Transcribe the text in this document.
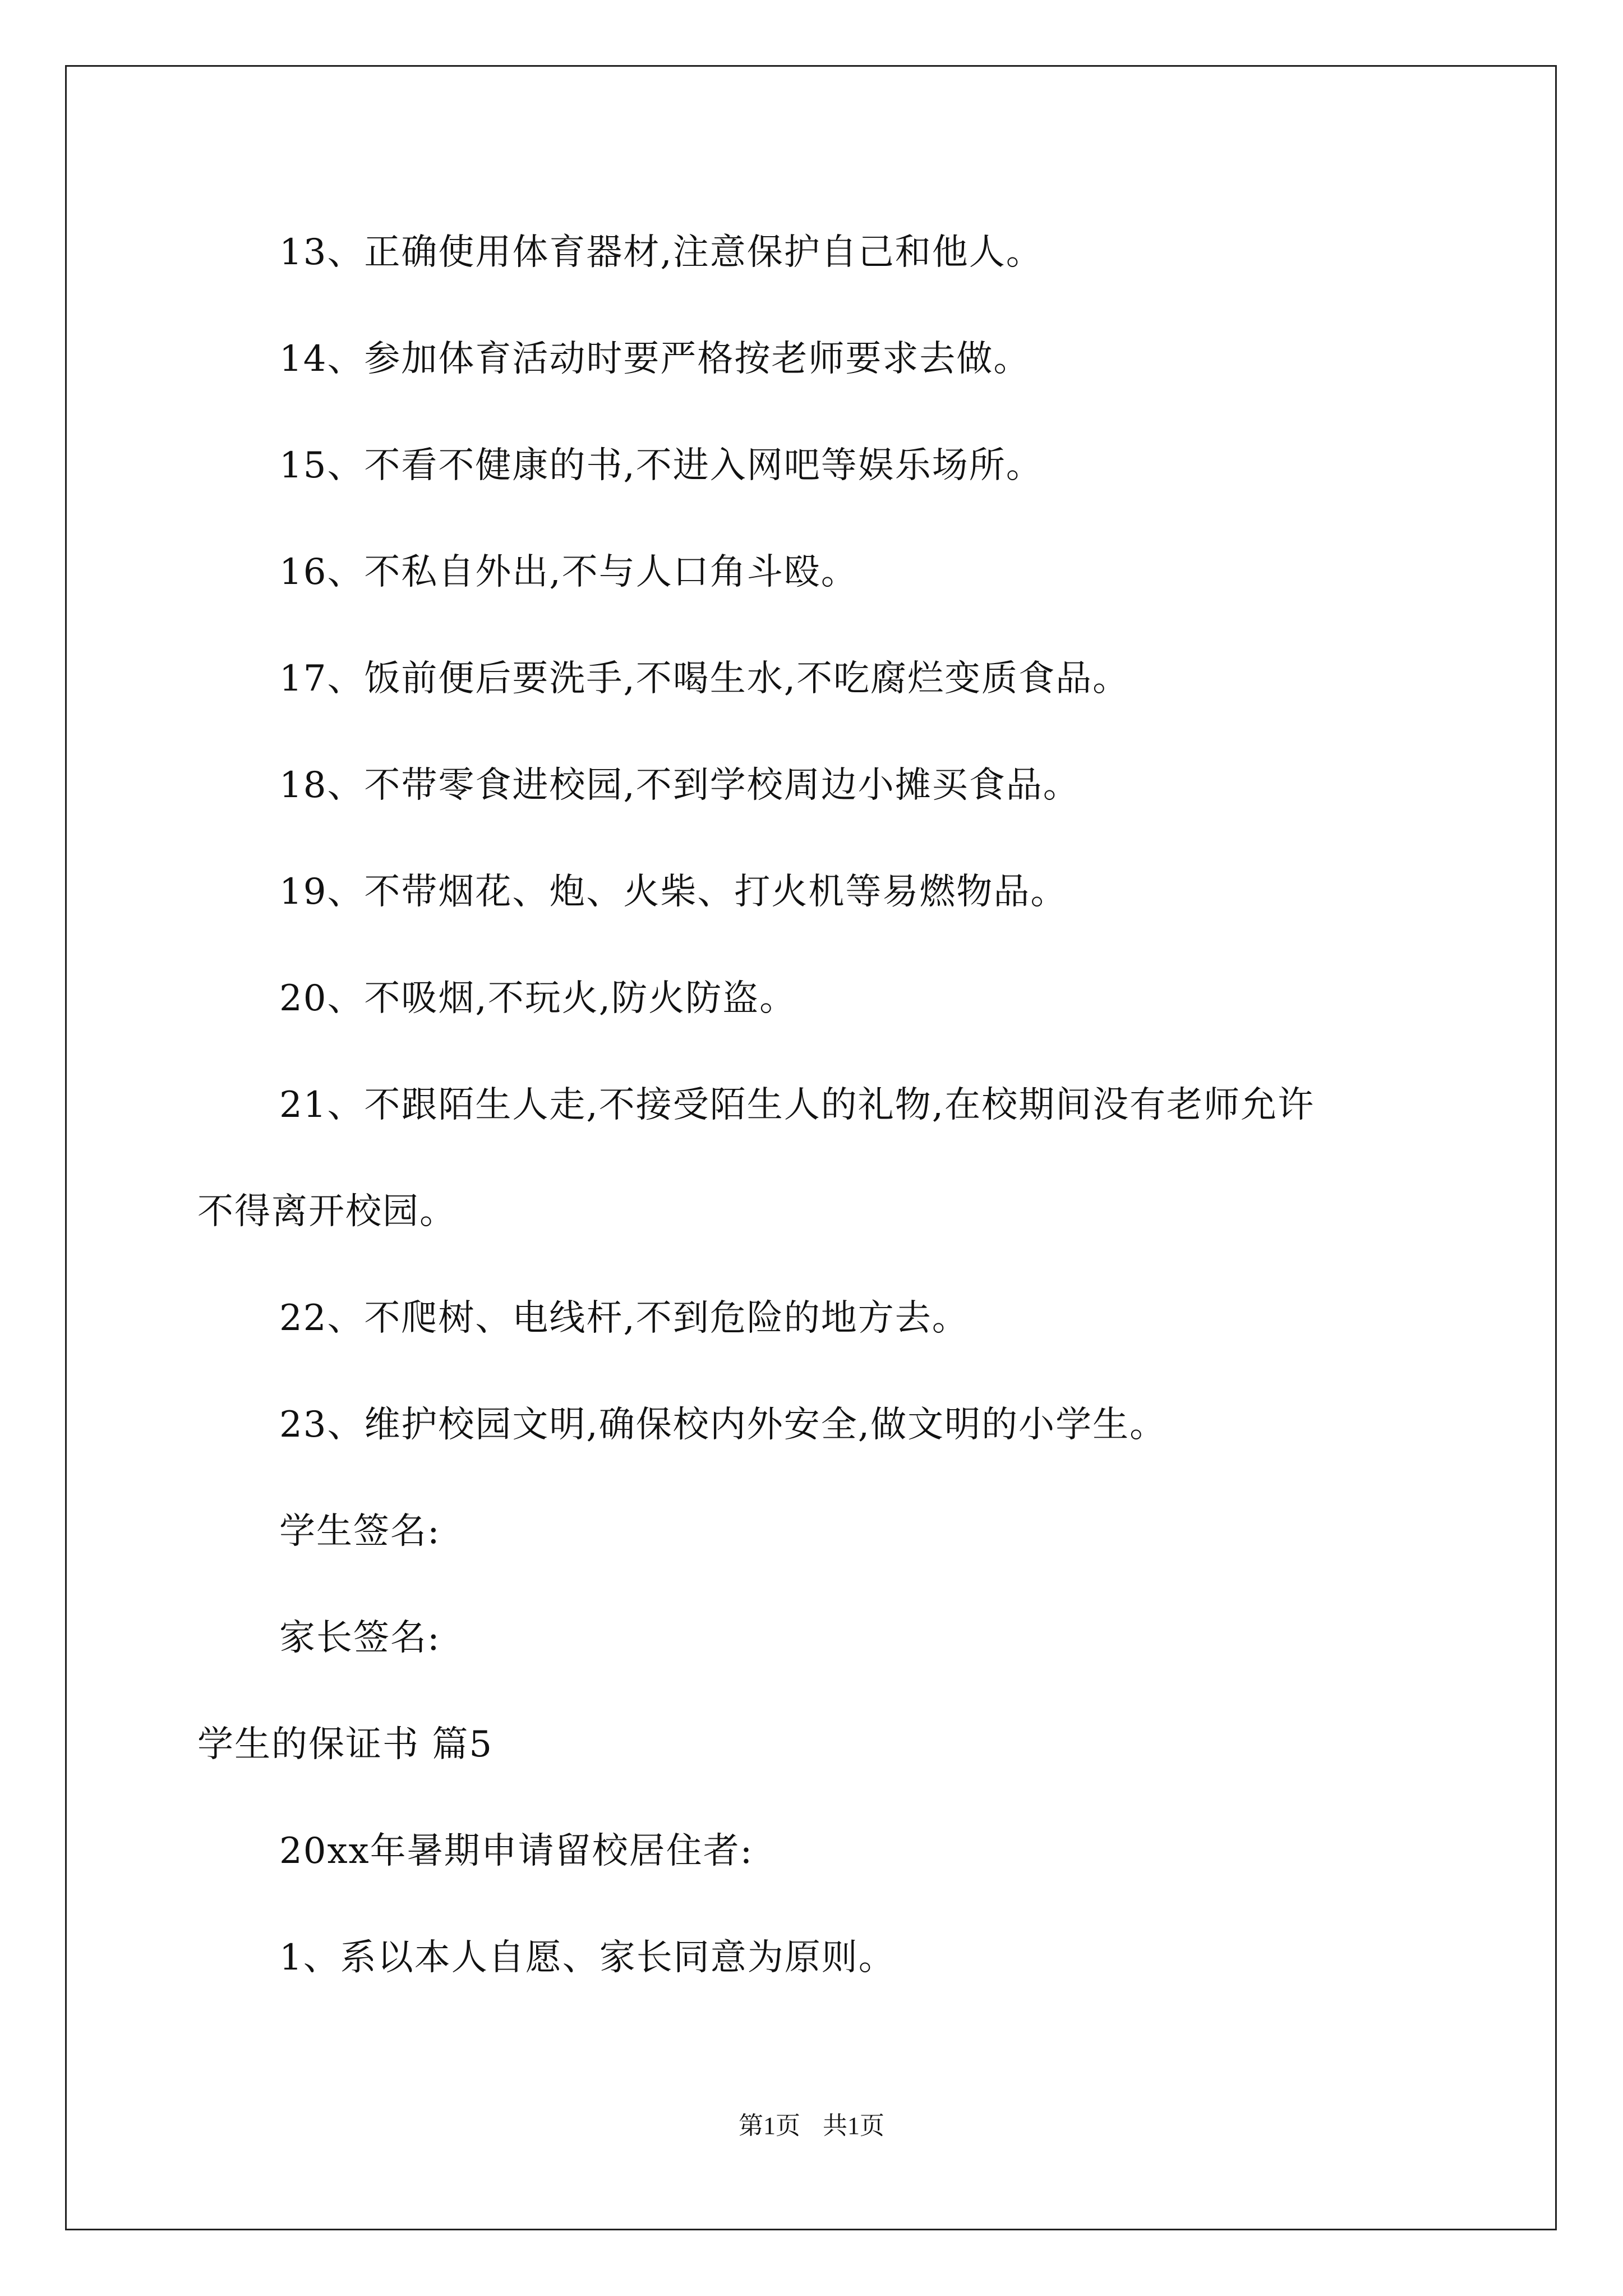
13、正确使用体育器材,注意保护自己和他人。
14、参加体育活动时要严格按老师要求去做。
15、不看不健康的书,不进入网吧等娱乐场所。
16、不私自外出,不与人口角斗殴。
17、饭前便后要洗手,不喝生水,不吃腐烂变质食品。
18、不带零食进校园,不到学校周边小摊买食品。
19、不带烟花、炮、火柴、打火机等易燃物品。
20、不吸烟,不玩火,防火防盗。
21、不跟陌生人走,不接受陌生人的礼物,在校期间没有老师允许
不得离开校园。
22、不爬树、电线杆,不到危险的地方去。
23、维护校园文明,确保校内外安全,做文明的小学生。
学生签名:
家长签名:
学生的保证书 篇5
20xx年暑期申请留校居住者:
1、系以本人自愿、家长同意为原则。
第1页 共1页
